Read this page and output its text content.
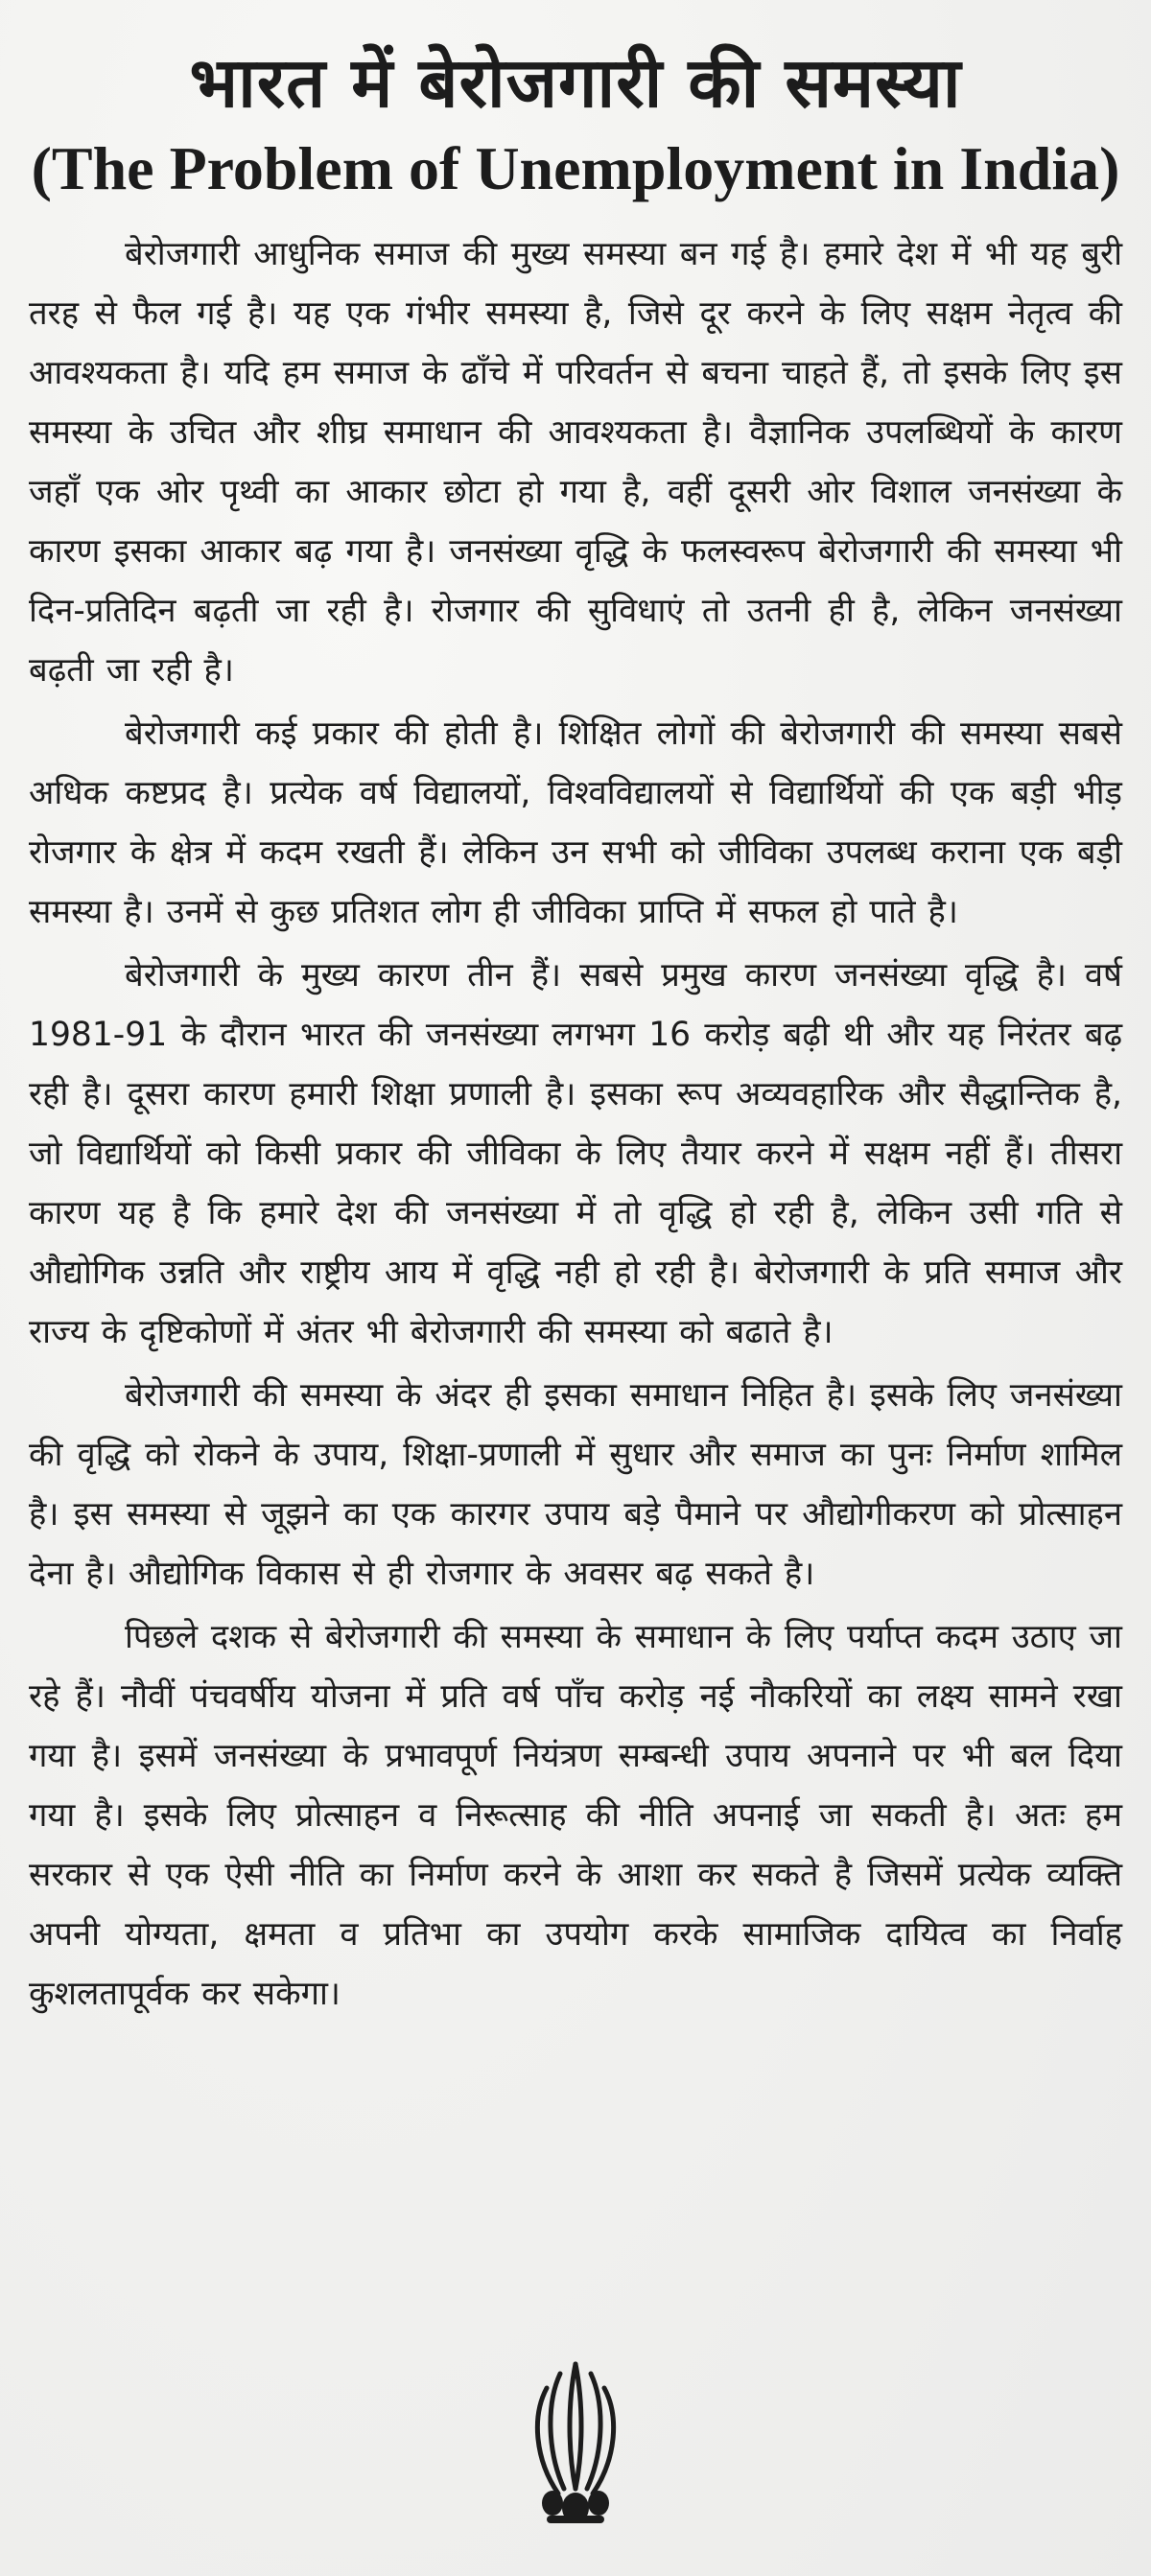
भारत में बेरोजगारी की समस्या
(The Problem of Unemployment in India)

बेरोजगारी आधुनिक समाज की मुख्य समस्या बन गई है। हमारे देश में भी यह बुरी तरह से फैल गई है। यह एक गंभीर समस्या है, जिसे दूर करने के लिए सक्षम नेतृत्व की आवश्यकता है। यदि हम समाज के ढाँचे में परिवर्तन से बचना चाहते हैं, तो इसके लिए इस समस्या के उचित और शीघ्र समाधान की आवश्यकता है। वैज्ञानिक उपलब्धियों के कारण जहाँ एक ओर पृथ्वी का आकार छोटा हो गया है, वहीं दूसरी ओर विशाल जनसंख्या के कारण इसका आकार बढ़ गया है। जनसंख्या वृद्धि के फलस्वरूप बेरोजगारी की समस्या भी दिन-प्रतिदिन बढ़ती जा रही है। रोजगार की सुविधाएं तो उतनी ही है, लेकिन जनसंख्या बढ़ती जा रही है।

बेरोजगारी कई प्रकार की होती है। शिक्षित लोगों की बेरोजगारी की समस्या सबसे अधिक कष्टप्रद है। प्रत्येक वर्ष विद्यालयों, विश्वविद्यालयों से विद्यार्थियों की एक बड़ी भीड़ रोजगार के क्षेत्र में कदम रखती हैं। लेकिन उन सभी को जीविका उपलब्ध कराना एक बड़ी समस्या है। उनमें से कुछ प्रतिशत लोग ही जीविका प्राप्ति में सफल हो पाते है।

बेरोजगारी के मुख्य कारण तीन हैं। सबसे प्रमुख कारण जनसंख्या वृद्धि है। वर्ष 1981-91 के दौरान भारत की जनसंख्या लगभग 16 करोड़ बढ़ी थी और यह निरंतर बढ़ रही है। दूसरा कारण हमारी शिक्षा प्रणाली है। इसका रूप अव्यवहारिक और सैद्धान्तिक है, जो विद्यार्थियों को किसी प्रकार की जीविका के लिए तैयार करने में सक्षम नहीं हैं। तीसरा कारण यह है कि हमारे देश की जनसंख्या में तो वृद्धि हो रही है, लेकिन उसी गति से औद्योगिक उन्नति और राष्ट्रीय आय में वृद्धि नही हो रही है। बेरोजगारी के प्रति समाज और राज्य के दृष्टिकोणों में अंतर भी बेरोजगारी की समस्या को बढाते है।

बेरोजगारी की समस्या के अंदर ही इसका समाधान निहित है। इसके लिए जनसंख्या की वृद्धि को रोकने के उपाय, शिक्षा-प्रणाली में सुधार और समाज का पुनः निर्माण शामिल है। इस समस्या से जूझने का एक कारगर उपाय बड़े पैमाने पर औद्योगीकरण को प्रोत्साहन देना है। औद्योगिक विकास से ही रोजगार के अवसर बढ़ सकते है।

पिछले दशक से बेरोजगारी की समस्या के समाधान के लिए पर्याप्त कदम उठाए जा रहे हैं। नौवीं पंचवर्षीय योजना में प्रति वर्ष पाँच करोड़ नई नौकरियों का लक्ष्य सामने रखा गया है। इसमें जनसंख्या के प्रभावपूर्ण नियंत्रण सम्बन्धी उपाय अपनाने पर भी बल दिया गया है। इसके लिए प्रोत्साहन व निरूत्साह की नीति अपनाई जा सकती है। अतः हम सरकार से एक ऐसी नीति का निर्माण करने के आशा कर सकते है जिसमें प्रत्येक व्यक्ति अपनी योग्यता, क्षमता व प्रतिभा का उपयोग करके सामाजिक दायित्व का निर्वाह कुशलतापूर्वक कर सकेगा।
